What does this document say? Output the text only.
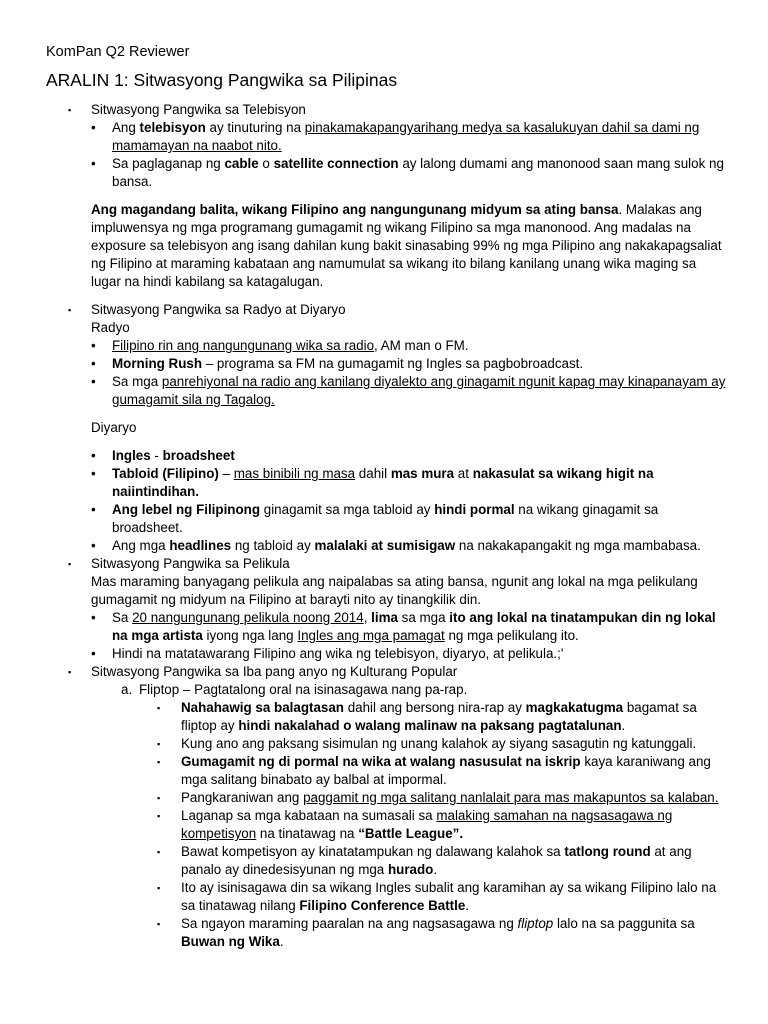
KomPan Q2 Reviewer
ARALIN 1: Sitwasyong Pangwika sa Pilipinas
▪ Sitwasyong Pangwika sa Telebisyon
• Ang telebisyon ay tinuturing na pinakamakapangyarihang medya sa kasalukuyan dahil sa dami ng mamamayan na naabot nito.
• Sa paglaganap ng cable o satellite connection ay lalong dumami ang manonood saan mang sulok ng bansa.
Ang magandang balita, wikang Filipino ang nangungunang midyum sa ating bansa. Malakas ang impluwensya ng mga programang gumagamit ng wikang Filipino sa mga manonood. Ang madalas na exposure sa telebisyon ang isang dahilan kung bakit sinasabing 99% ng mga Pilipino ang nakakapagsaliat ng Filipino at maraming kabataan ang namumulat sa wikang ito bilang kanilang unang wika maging sa lugar na hindi kabilang sa katagalugan.
▪ Sitwasyong Pangwika sa Radyo at Diyaryo
Radyo
• Filipino rin ang nangungunang wika sa radio, AM man o FM.
• Morning Rush – programa sa FM na gumagamit ng Ingles sa pagbobroadcast.
• Sa mga panrehiyonal na radio ang kanilang diyalekto ang ginagamit ngunit kapag may kinapanayam ay gumagamit sila ng Tagalog.
Diyaryo
• Ingles - broadsheet
• Tabloid (Filipino) – mas binibili ng masa dahil mas mura at nakasulat sa wikang higit na naiintindihan.
• Ang lebel ng Filipinong ginagamit sa mga tabloid ay hindi pormal na wikang ginagamit sa broadsheet.
• Ang mga headlines ng tabloid ay malalaki at sumisigaw na nakakapangakit ng mga mambabasa.
▪ Sitwasyong Pangwika sa Pelikula
Mas maraming banyagang pelikula ang naipalabas sa ating bansa, ngunit ang lokal na mga pelikulang gumagamit ng midyum na Filipino at barayti nito ay tinangkilik din.
• Sa 20 nangungunang pelikula noong 2014, lima sa mga ito ang lokal na tinatampukan din ng lokal na mga artista iyong nga lang Ingles ang mga pamagat ng mga pelikulang ito.
• Hindi na matatawarang Filipino ang wika ng telebisyon, diyaryo, at pelikula.;'
▪ Sitwasyong Pangwika sa Iba pang anyo ng Kulturang Popular
a. Fliptop – Pagtatalong oral na isinasagawa nang pa-rap.
▪ Nahahawig sa balagtasan dahil ang bersong nira-rap ay magkakatugma bagamat sa fliptop ay hindi nakalahad o walang malinaw na paksang pagtatalunan.
▪ Kung ano ang paksang sisimulan ng unang kalahok ay siyang sasagutin ng katunggali.
▪ Gumagamit ng di pormal na wika at walang nasusulat na iskrip kaya karaniwang ang mga salitang binabato ay balbal at impormal.
▪ Pangkaraniwan ang paggamit ng mga salitang nanlalait para mas makapuntos sa kalaban.
▪ Laganap sa mga kabataan na sumasali sa malaking samahan na nagsasagawa ng kompetisyon na tinatawag na “Battle League”.
▪ Bawat kompetisyon ay kinatatampukan ng dalawang kalahok sa tatlong round at ang panalo ay dinedesisyunan ng mga hurado.
▪ Ito ay isinisagawa din sa wikang Ingles subalit ang karamihan ay sa wikang Filipino lalo na sa tinatawag nilang Filipino Conference Battle.
▪ Sa ngayon maraming paaralan na ang nagsasagawa ng fliptop lalo na sa paggunita sa Buwan ng Wika.
